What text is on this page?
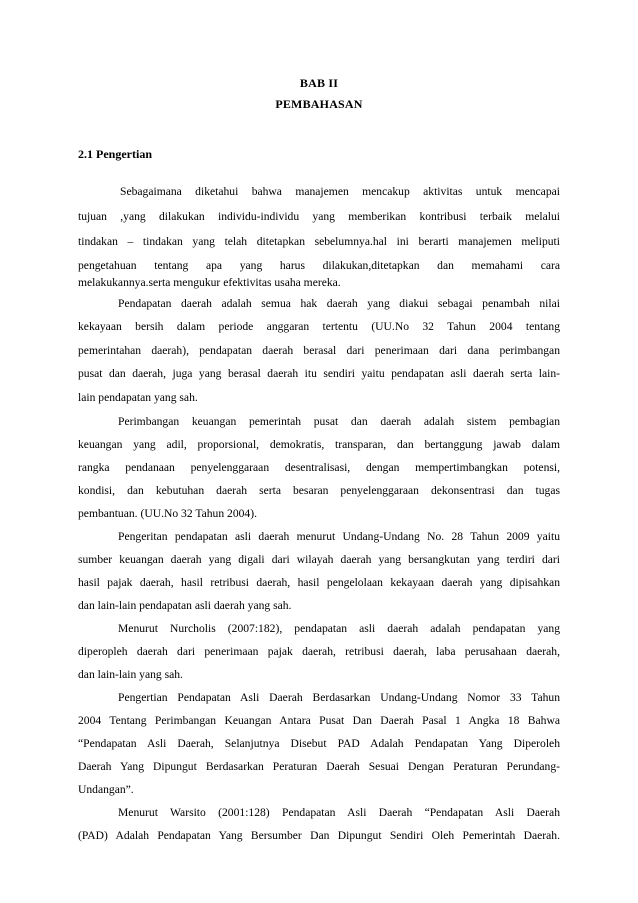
BAB II
PEMBAHASAN
2.1 Pengertian
Sebagaimana diketahui bahwa manajemen mencakup aktivitas untuk mencapai
tujuan ,yang dilakukan individu-individu yang memberikan kontribusi terbaik melalui
tindakan – tindakan yang telah ditetapkan sebelumnya.hal ini berarti manajemen meliputi
pengetahuan tentang apa yang harus dilakukan,ditetapkan dan memahami cara
melakukannya.serta mengukur efektivitas usaha mereka.
Pendapatan daerah adalah semua hak daerah yang diakui sebagai penambah nilai
kekayaan bersih dalam periode anggaran tertentu (UU.No 32 Tahun 2004 tentang
pemerintahan daerah), pendapatan daerah berasal dari penerimaan dari dana perimbangan
pusat dan daerah, juga yang berasal daerah itu sendiri yaitu pendapatan asli daerah serta lain-
lain pendapatan yang sah.
Perimbangan keuangan pemerintah pusat dan daerah adalah sistem pembagian
keuangan yang adil, proporsional, demokratis, transparan, dan bertanggung jawab dalam
rangka pendanaan penyelenggaraan desentralisasi, dengan mempertimbangkan potensi,
kondisi, dan kebutuhan daerah serta besaran penyelenggaraan dekonsentrasi dan tugas
pembantuan. (UU.No 32 Tahun 2004).
Pengeritan pendapatan asli daerah menurut Undang-Undang No. 28 Tahun 2009 yaitu
sumber keuangan daerah yang digali dari wilayah daerah yang bersangkutan yang terdiri dari
hasil pajak daerah, hasil retribusi daerah, hasil pengelolaan kekayaan daerah yang dipisahkan
dan lain-lain pendapatan asli daerah yang sah.
Menurut Nurcholis (2007:182), pendapatan asli daerah adalah pendapatan yang
diperopleh daerah dari penerimaan pajak daerah, retribusi daerah, laba perusahaan daerah,
dan lain-lain yang sah.
Pengertian Pendapatan Asli Daerah Berdasarkan Undang-Undang Nomor 33 Tahun
2004 Tentang Perimbangan Keuangan Antara Pusat Dan Daerah Pasal 1 Angka 18 Bahwa
“Pendapatan Asli Daerah, Selanjutnya Disebut PAD Adalah Pendapatan Yang Diperoleh
Daerah Yang Dipungut Berdasarkan Peraturan Daerah Sesuai Dengan Peraturan Perundang-
Undangan”.
Menurut Warsito (2001:128) Pendapatan Asli Daerah “Pendapatan Asli Daerah
(PAD) Adalah Pendapatan Yang Bersumber Dan Dipungut Sendiri Oleh Pemerintah Daerah.
